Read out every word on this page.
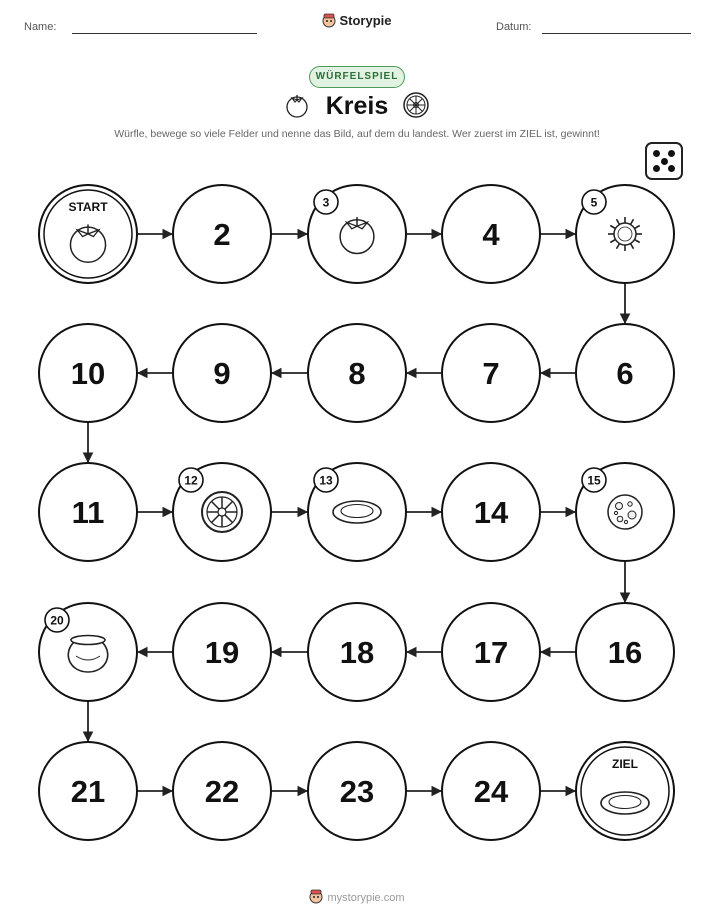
Name:	Storypie	Datum:
WÜRFELSPIEL
Kreis
Würfle, bewege so viele Felder und nenne das Bild, auf dem du landest. Wer zuerst im ZIEL ist, gewinnt!
START
2
3
4
5
6
7
8
9
10
11
12	13
14
15
16
17
18
19
20
21	22	23	24
ZIEL
mystorypie.com
